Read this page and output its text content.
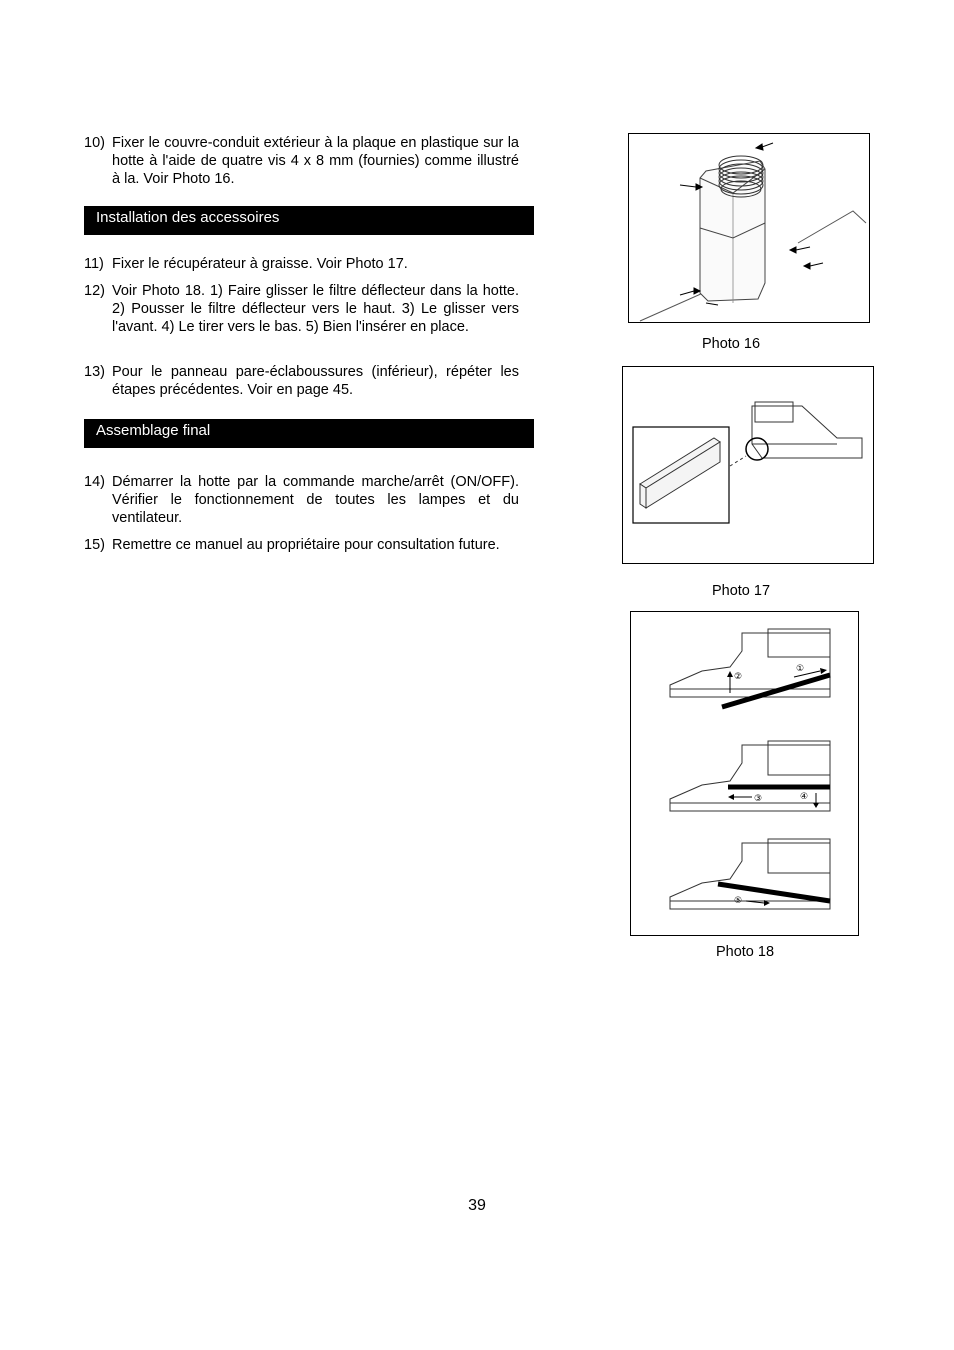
10) Fixer le couvre-conduit extérieur à la plaque en plastique sur la hotte à l'aide de quatre vis 4 x 8 mm (fournies) comme illustré à la. Voir Photo 16.
Installation des accessoires
11) Fixer le récupérateur à graisse. Voir Photo 17.
12) Voir Photo 18. 1) Faire glisser le filtre déflecteur dans la hotte. 2) Pousser le filtre déflecteur vers le haut. 3) Le glisser vers l'avant. 4) Le tirer vers le bas. 5) Bien l'insérer en place.
13) Pour le panneau pare-éclaboussures (inférieur), répéter les étapes précédentes. Voir en page 45.
Assemblage final
14) Démarrer la hotte par la commande marche/arrêt (ON/OFF). Vérifier le fonctionnement de toutes les lampes et du ventilateur.
15) Remettre ce manuel au propriétaire pour consultation future.
Photo 16
Photo 17
①
②
③	④
⑤
Photo 18
39
